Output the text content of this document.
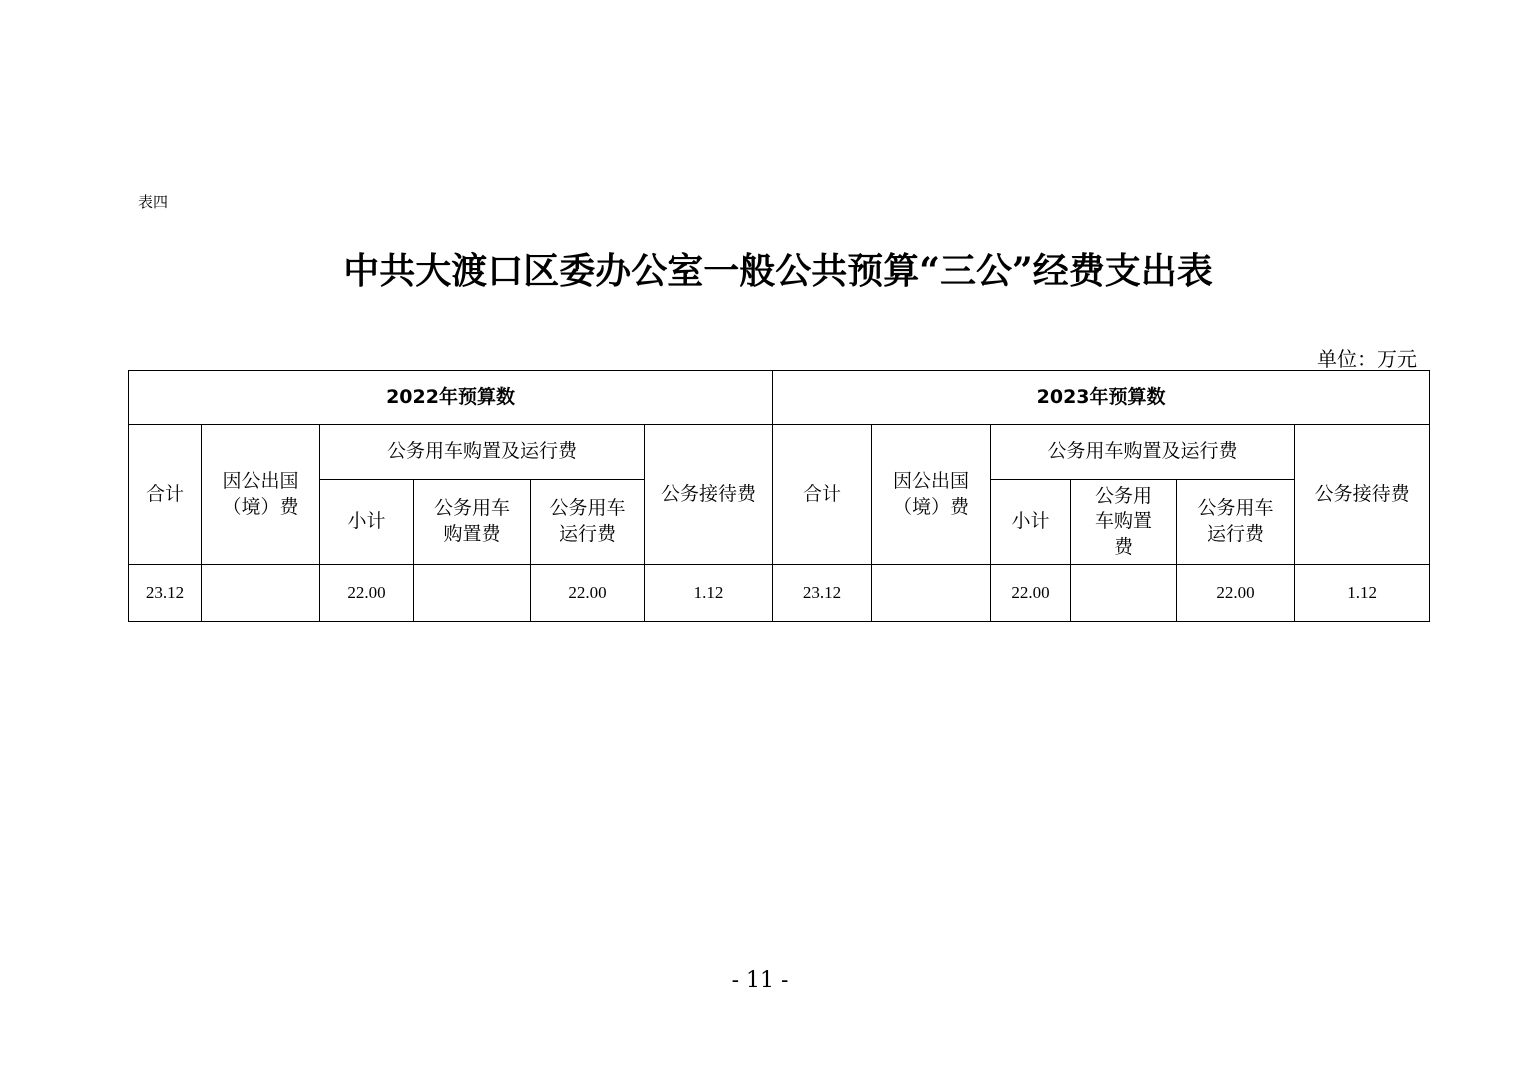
表四
中共大渡口区委办公室一般公共预算“三公”经费支出表
单位：万元
2022年预算数						2023年预算数					
合计	因公出国（境）费	公务用车购置及运行费			公务接待费	合计	因公出国（境）费	公务用车购置及运行费			公务接待费
		小计	公务用车购置费	公务用车运行费				小计	公务用车购置费	公务用车运行费	

23.12		22.00		22.00	1.12	23.12		22.00		22.00	1.12
- 11 -
